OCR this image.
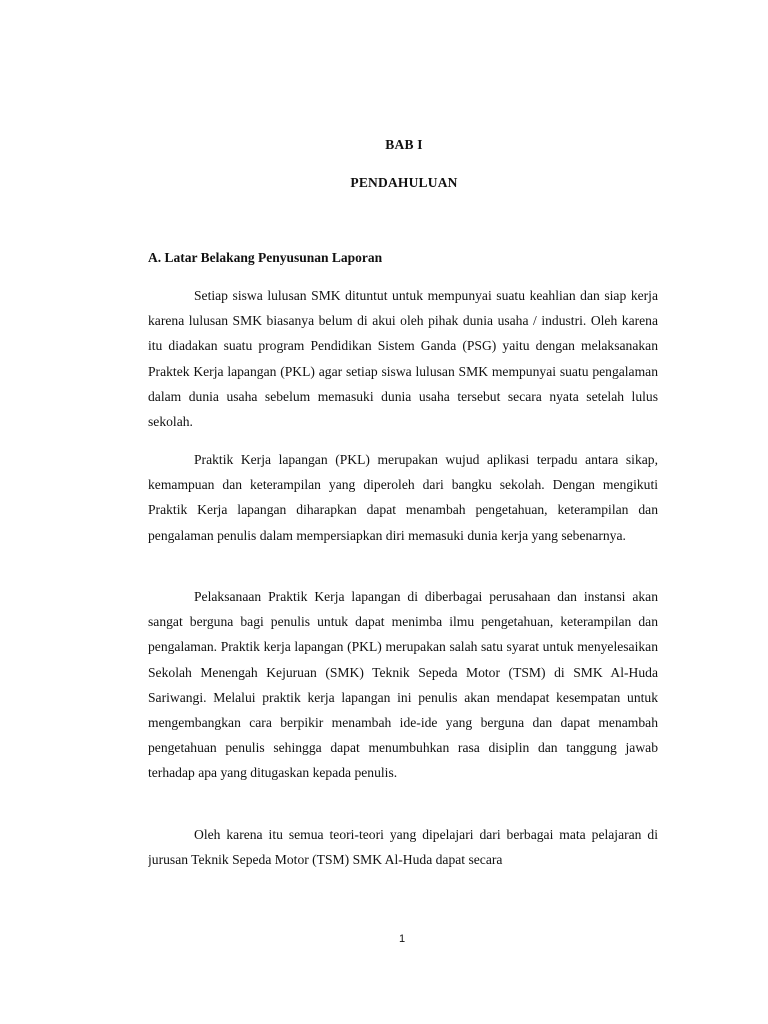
BAB I
PENDAHULUAN
A. Latar Belakang Penyusunan Laporan

Setiap siswa lulusan SMK dituntut untuk mempunyai suatu keahlian dan siap kerja karena lulusan SMK biasanya belum di akui oleh pihak dunia usaha / industri. Oleh karena itu diadakan suatu program Pendidikan Sistem Ganda (PSG) yaitu dengan melaksanakan Praktek Kerja lapangan (PKL) agar setiap siswa lulusan SMK mempunyai suatu pengalaman dalam dunia usaha sebelum memasuki dunia usaha tersebut secara nyata setelah lulus sekolah.

Praktik Kerja lapangan (PKL) merupakan wujud aplikasi terpadu antara sikap, kemampuan dan keterampilan yang diperoleh dari bangku sekolah. Dengan mengikuti Praktik Kerja lapangan diharapkan dapat menambah pengetahuan, keterampilan dan pengalaman penulis dalam mempersiapkan diri memasuki dunia kerja yang sebenarnya.

Pelaksanaan Praktik Kerja lapangan di diberbagai perusahaan dan instansi akan sangat berguna bagi penulis untuk dapat menimba ilmu pengetahuan, keterampilan dan pengalaman. Praktik kerja lapangan (PKL) merupakan salah satu syarat untuk menyelesaikan Sekolah Menengah Kejuruan (SMK) Teknik Sepeda Motor (TSM) di SMK Al-Huda Sariwangi. Melalui praktik kerja lapangan ini penulis akan mendapat kesempatan untuk mengembangkan cara berpikir menambah ide-ide yang berguna dan dapat menambah pengetahuan penulis sehingga dapat menumbuhkan rasa disiplin dan tanggung jawab terhadap apa yang ditugaskan kepada penulis.

Oleh karena itu semua teori-teori yang dipelajari dari berbagai mata pelajaran di jurusan Teknik Sepeda Motor (TSM) SMK Al-Huda dapat secara

1
